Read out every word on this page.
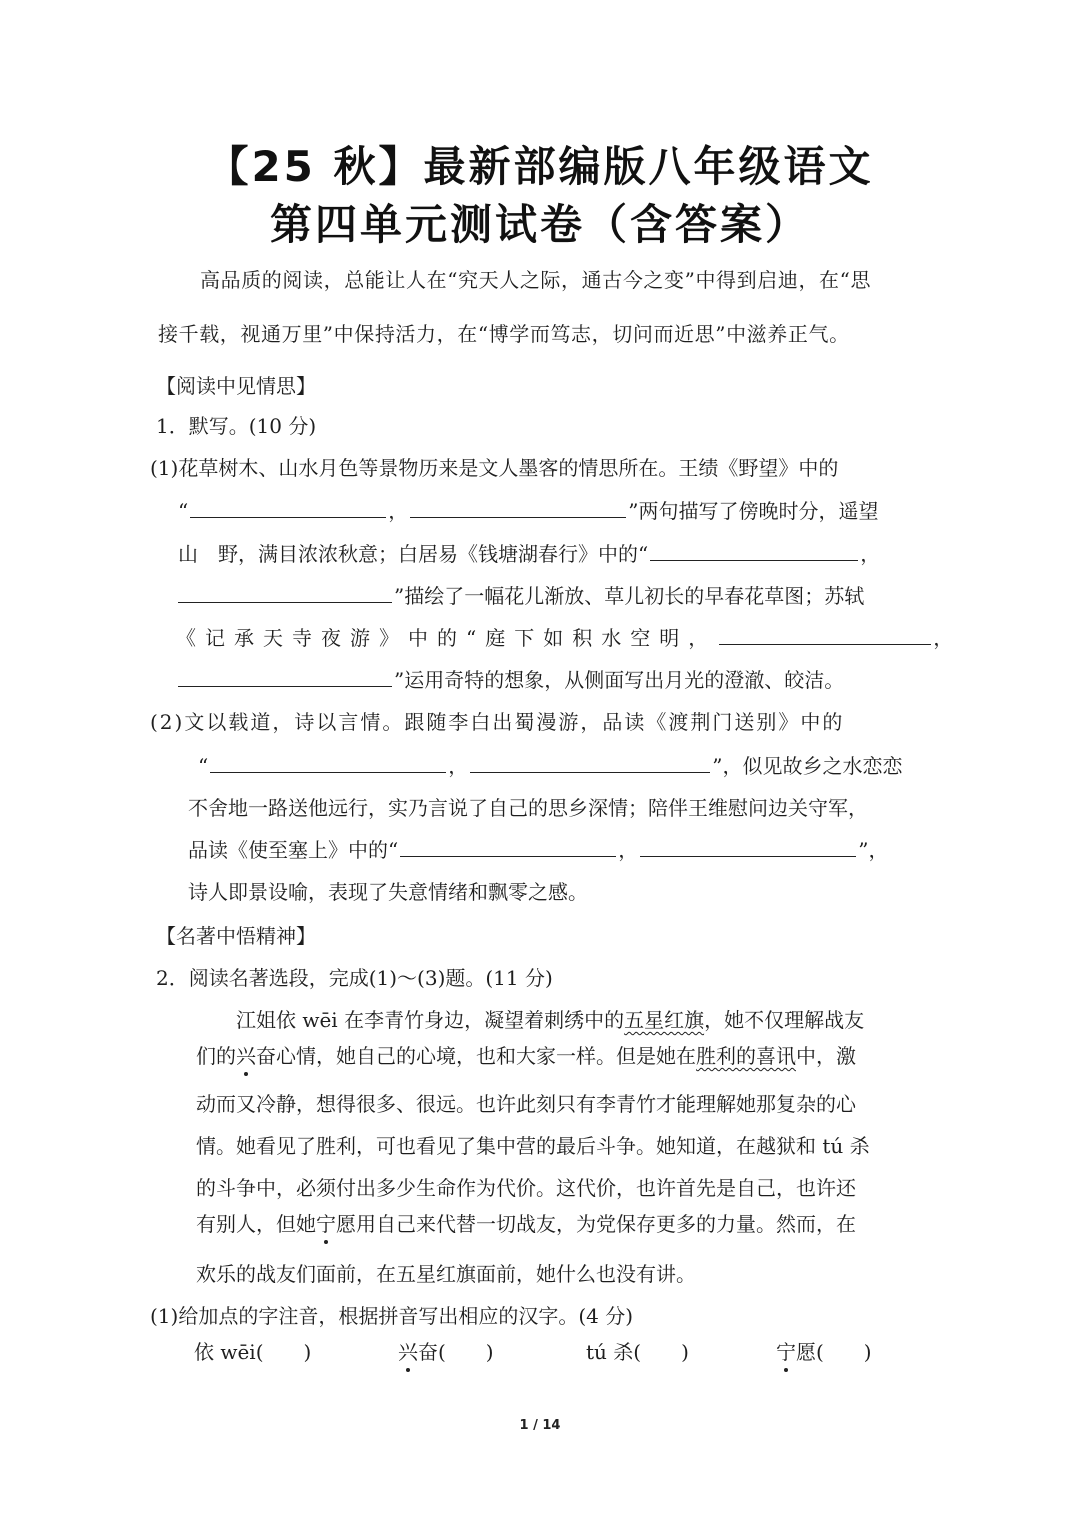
【25 秋】最新部编版八年级语文
第四单元测试卷（含答案）
高品质的阅读，总能让人在“究天人之际，通古今之变”中得到启迪，在“思
接千载，视通万里”中保持活力，在“博学而笃志，切问而近思”中滋养正气。
【阅读中见情思】
1．默写。(10 分)
(1)花草树木、山水月色等景物历来是文人墨客的情思所在。王绩《野望》中的
“	，	”两句描写了傍晚时分，遥望
山　野，满目浓浓秋意；白居易《钱塘湖春行》中的“	，
”描绘了一幅花儿渐放、草儿初长的早春花草图；苏轼
《记承天寺夜游》中的“庭下如积水空明，	，
”运用奇特的想象，从侧面写出月光的澄澈、皎洁。
(2)文以载道，诗以言情。跟随李白出蜀漫游，品读《渡荆门送别》中的
“	，	”，似见故乡之水恋恋
不舍地一路送他远行，实乃言说了自己的思乡深情；陪伴王维慰问边关守军，
品读《使至塞上》中的“	，	”，
诗人即景设喻，表现了失意情绪和飘零之感。
【名著中悟精神】
2．阅读名著选段，完成(1)～(3)题。(11 分)
江姐依 wēi 在李青竹身边，凝望着刺绣中的五星红旗，她不仅理解战友
们的兴奋心情，她自己的心境，也和大家一样。但是她在胜利的喜讯中，激
动而又冷静，想得很多、很远。也许此刻只有李青竹才能理解她那复杂的心
情。她看见了胜利，可也看见了集中营的最后斗争。她知道，在越狱和 tú 杀
的斗争中，必须付出多少生命作为代价。这代价，也许首先是自己，也许还
有别人，但她宁愿用自己来代替一切战友，为党保存更多的力量。然而，在
欢乐的战友们面前，在五星红旗面前，她什么也没有讲。
(1)给加点的字注音，根据拼音写出相应的汉字。(4 分)
依 wēi(　　)	兴奋(　　)	tú 杀(　　)	宁愿(　　)
1 / 14
